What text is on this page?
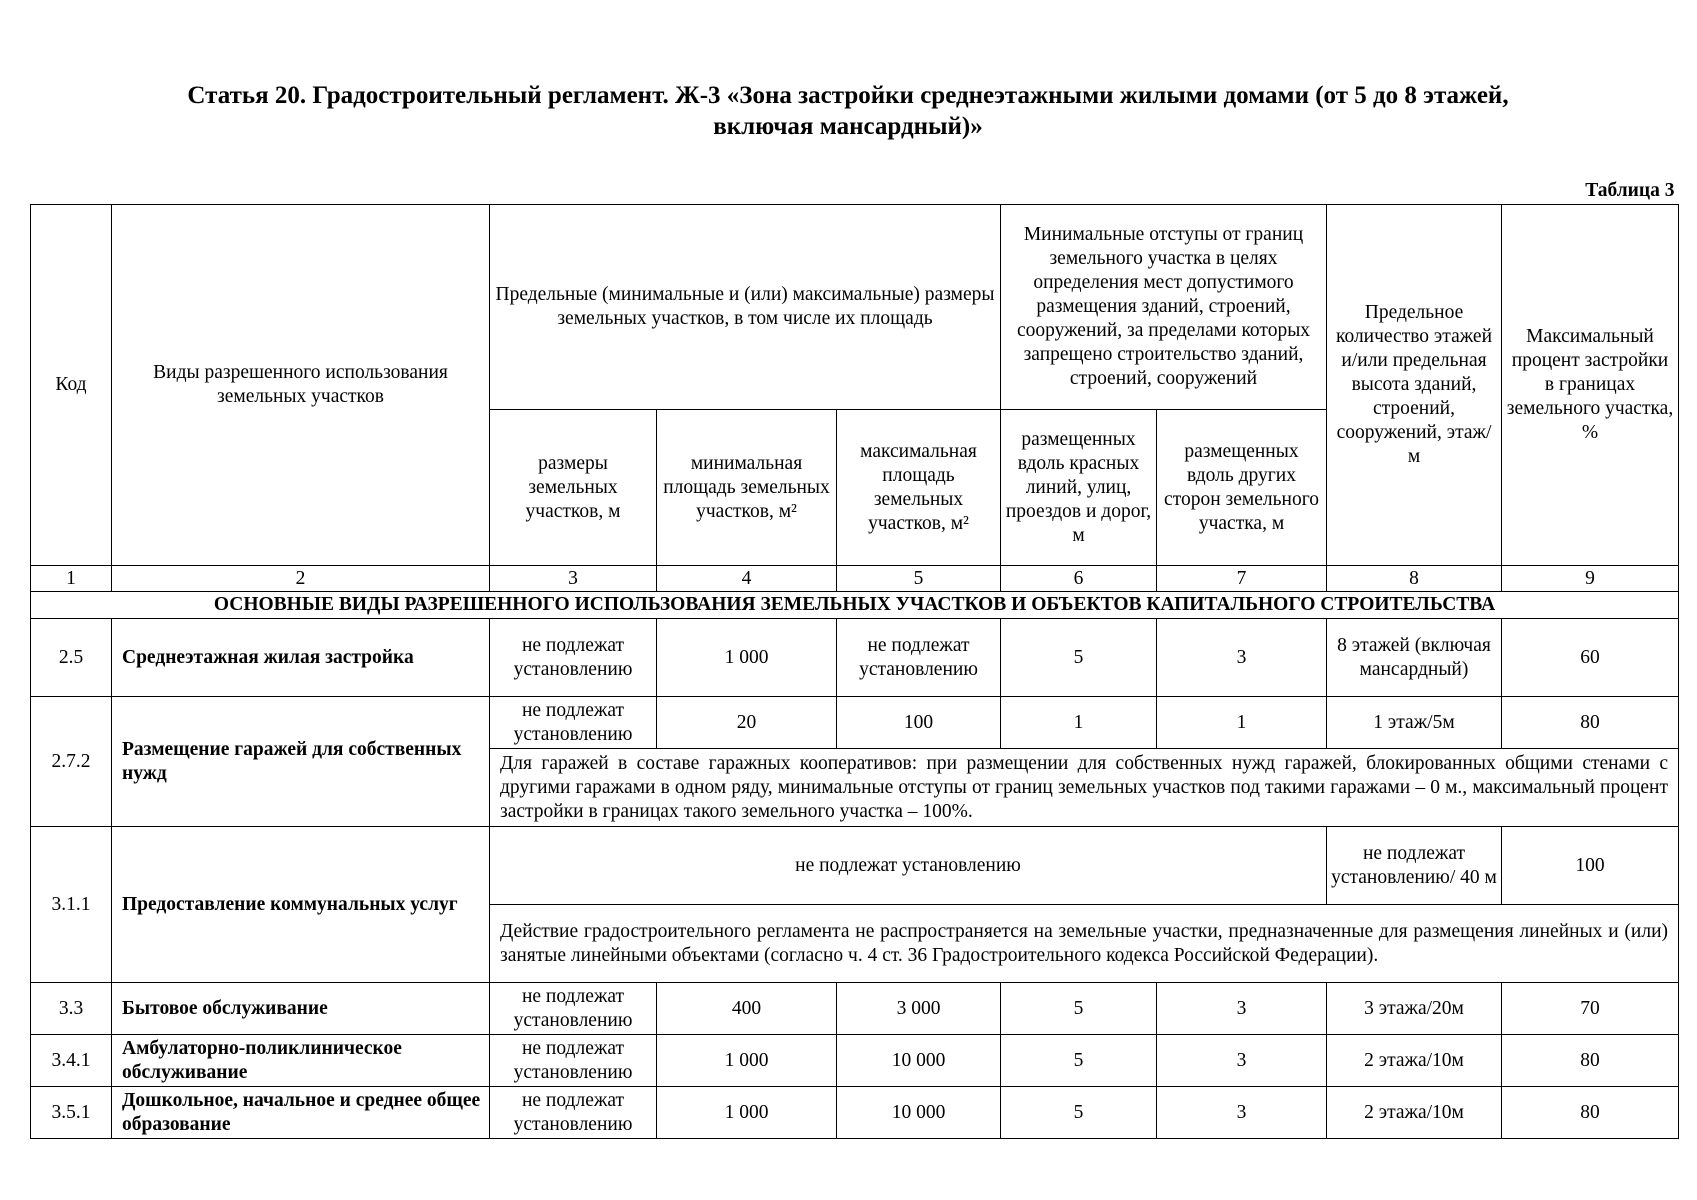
Статья 20. Градостроительный регламент. Ж-3 «Зона застройки среднеэтажными жилыми домами (от 5 до 8 этажей,
включая мансардный)»
Таблица 3								
Код	Виды разрешенного использования земельных участков	Предельные (минимальные и (или) максимальные) размеры земельных участков, в том числе их площадь			Минимальные отступы от границ земельного участка в целях определения мест допустимого размещения зданий, строений, сооружений, за пределами которых запрещено строительство зданий, строений, сооружений		Предельное количество этажей и/или предельная высота зданий, строений, сооружений, этаж/м	Максимальный процент застройки в границах земельного участка, %
		размеры земельных участков, м	минимальная площадь земельных участков, м²	максимальная площадь земельных участков, м²	размещенных вдоль красных линий, улиц, проездов и дорог, м	размещенных вдоль других сторон земельного участка, м		
1	2	3	4	5	6	7	8	9
ОСНОВНЫЕ ВИДЫ РАЗРЕШЕННОГО ИСПОЛЬЗОВАНИЯ ЗЕМЕЛЬНЫХ УЧАСТКОВ И ОБЪЕКТОВ КАПИТАЛЬНОГО СТРОИТЕЛЬСТВА								
2.5	Среднеэтажная жилая застройка	не подлежат установлению	1 000	не подлежат установлению	5	3	8 этажей (включая мансардный)	60
2.7.2	Размещение гаражей для собственных нужд	не подлежат установлению	20	100	1	1	1 этаж/5м	80
		Для гаражей в составе гаражных кооперативов: при размещении для собственных нужд гаражей, блокированных общими стенами с другими гаражами в одном ряду, минимальные отступы от границ земельных участков под такими гаражами – 0 м., максимальный процент застройки в границах такого земельного участка – 100%.						
3.1.1	Предоставление коммунальных услуг	не подлежат установлению					не подлежат установлению/ 40 м	100
		Действие градостроительного регламента не распространяется на земельные участки, предназначенные для размещения линейных и (или) занятые линейными объектами (согласно ч. 4 ст. 36 Градостроительного кодекса Российской Федерации).						
3.3	Бытовое обслуживание	не подлежат установлению	400	3 000	5	3	3 этажа/20м	70
3.4.1	Амбулаторно-поликлиническое обслуживание	не подлежат установлению	1 000	10 000	5	3	2 этажа/10м	80
3.5.1	Дошкольное, начальное и среднее общее образование	не подлежат установлению	1 000	10 000	5	3	2 этажа/10м	80
